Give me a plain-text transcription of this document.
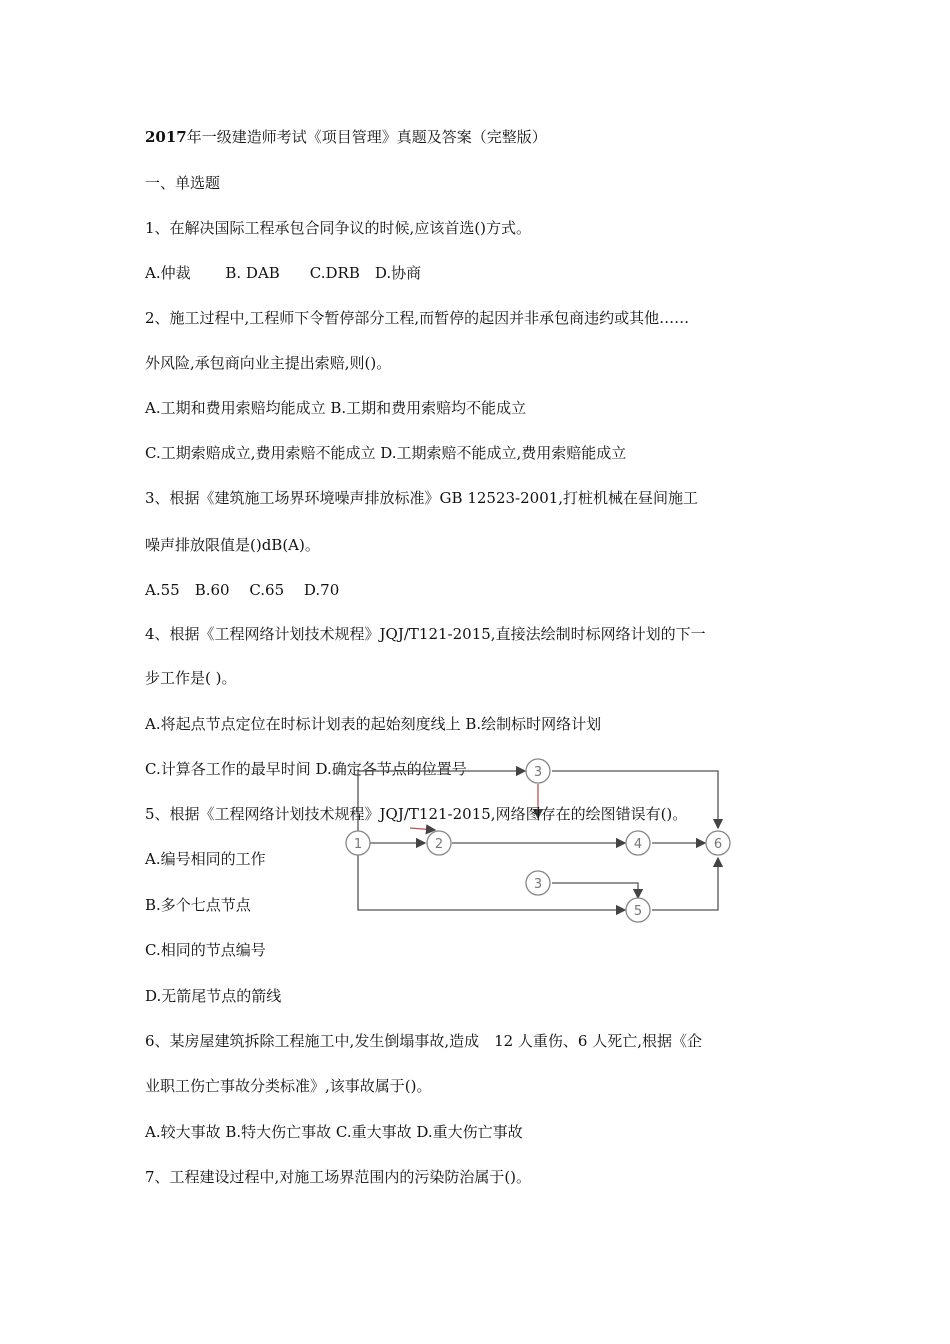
2017年一级建造师考试《项目管理》真题及答案（完整版）
一、单选题
1、在解决国际工程承包合同争议的时候,应该首选()方式。
A.仲裁　　 B. DAB　　C.DRB　D.协商
2、施工过程中,工程师下令暂停部分工程,而暂停的起因并非承包商违约或其他……
外风险,承包商向业主提出索赔,则()。
A.工期和费用索赔均能成立 B.工期和费用索赔均不能成立
C.工期索赔成立,费用索赔不能成立 D.工期索赔不能成立,费用索赔能成立
3、根据《建筑施工场界环境噪声排放标准》GB 12523-2001,打桩机械在昼间施工
噪声排放限值是()dB(A)。
A.55　B.60　 C.65　 D.70
4、根据《工程网络计划技术规程》JQJ/T121-2015,直接法绘制时标网络计划的下一
步工作是( )。
A.将起点节点定位在时标计划表的起始刻度线上 B.绘制标时网络计划
C.计算各工作的最早时间 D.确定各节点的位置号
1	2
3
4
5
6
3
5、根据《工程网络计划技术规程》JQJ/T121-2015,网络图存在的绘图错误有()。
A.编号相同的工作
B.多个七点节点
C.相同的节点编号
D.无箭尾节点的箭线
6、某房屋建筑拆除工程施工中,发生倒塌事故,造成　12 人重伤、6 人死亡,根据《企
业职工伤亡事故分类标准》,该事故属于()。
A.较大事故 B.特大伤亡事故 C.重大事故 D.重大伤亡事故
7、工程建设过程中,对施工场界范围内的污染防治属于()。
